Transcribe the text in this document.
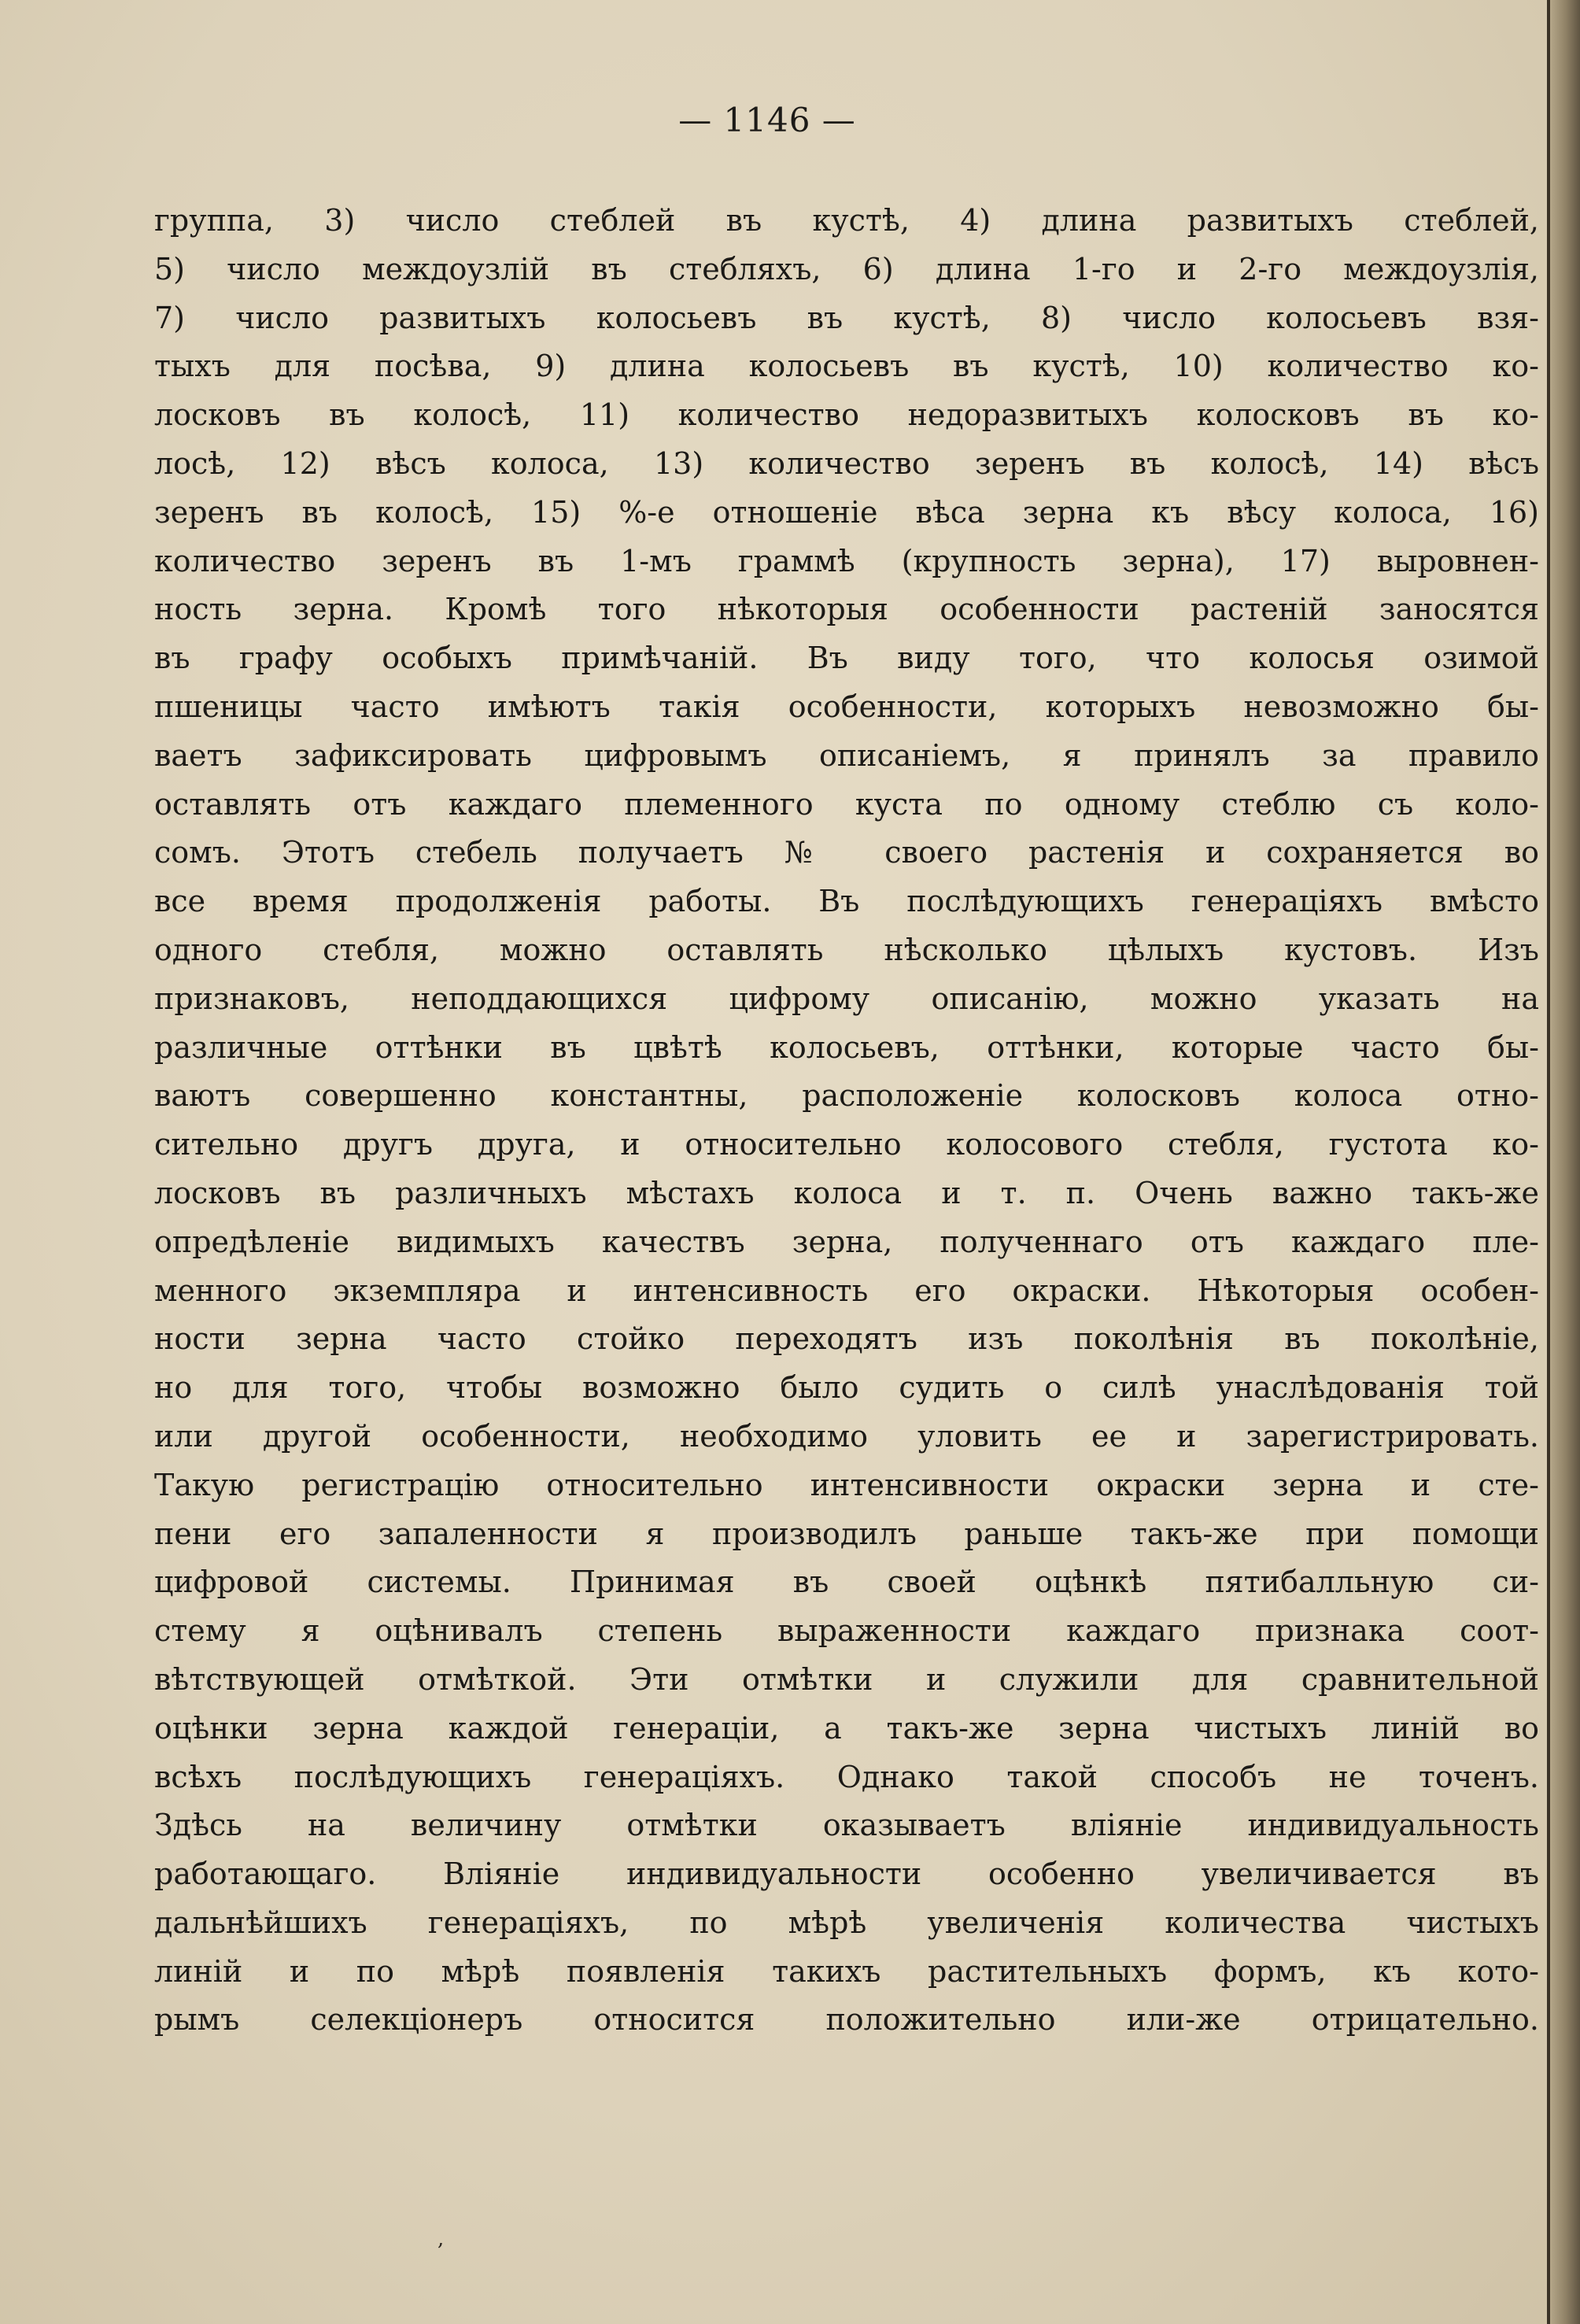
— 1146 —
группа, 3) число стеблей въ кустѣ, 4) длина развитыхъ стеблей,
5) число междоузлій въ стебляхъ, 6) длина 1-го и 2-го междоузлія,
7) число развитыхъ колосьевъ въ кустѣ, 8) число колосьевъ взя-
тыхъ для посѣва, 9) длина колосьевъ въ кустѣ, 10) количество ко-
лосковъ въ колосѣ, 11) количество недоразвитыхъ колосковъ въ ко-
лосѣ, 12) вѣсъ колоса, 13) количество зеренъ въ колосѣ, 14) вѣсъ
зеренъ въ колосѣ, 15) %-е отношеніе вѣса зерна къ вѣсу колоса, 16)
количество зеренъ въ 1-мъ граммѣ (крупность зерна), 17) выровнен-
ность зерна. Кромѣ того нѣкоторыя особенности растеній заносятся
въ графу особыхъ примѣчаній. Въ виду того, что колосья озимой
пшеницы часто имѣютъ такія особенности, которыхъ невозможно бы-
ваетъ зафиксировать цифровымъ описаніемъ, я принялъ за правило
оставлять отъ каждаго племенного куста по одному стеблю съ коло-
сомъ. Этотъ стебель получаетъ № своего растенія и сохраняется во
все время продолженія работы. Въ послѣдующихъ генераціяхъ вмѣсто
одного стебля, можно оставлять нѣсколько цѣлыхъ кустовъ. Изъ
признаковъ, неподдающихся цифрому описанію, можно указать на
различные оттѣнки въ цвѣтѣ колосьевъ, оттѣнки, которые часто бы-
ваютъ совершенно константны, расположеніе колосковъ колоса отно-
сительно другъ друга, и относительно колосового стебля, густота ко-
лосковъ въ различныхъ мѣстахъ колоса и т. п. Очень важно такъ-же
опредѣленіе видимыхъ качествъ зерна, полученнаго отъ каждаго пле-
менного экземпляра и интенсивность его окраски. Нѣкоторыя особен-
ности зерна часто стойко переходятъ изъ поколѣнія въ поколѣніе,
но для того, чтобы возможно было судить о силѣ унаслѣдованія той
или другой особенности, необходимо уловить ее и зарегистрировать.
Такую регистрацію относительно интенсивности окраски зерна и сте-
пени его запаленности я производилъ раньше такъ-же при помощи
цифровой системы. Принимая въ своей оцѣнкѣ пятибалльную си-
стему я оцѣнивалъ степень выраженности каждаго признака соот-
вѣтствующей отмѣткой. Эти отмѣтки и служили для сравнительной
оцѣнки зерна каждой генераціи, а такъ-же зерна чистыхъ линій во
всѣхъ послѣдующихъ генераціяхъ. Однако такой способъ не точенъ.
Здѣсь на величину отмѣтки оказываетъ вліяніе индивидуальность
работающаго. Вліяніе индивидуальности особенно увеличивается въ
дальнѣйшихъ генераціяхъ, по мѣрѣ увеличенія количества чистыхъ
линій и по мѣрѣ появленія такихъ растительныхъ формъ, къ кото-
рымъ селекціонеръ относится положительно или-же отрицательно.
,
